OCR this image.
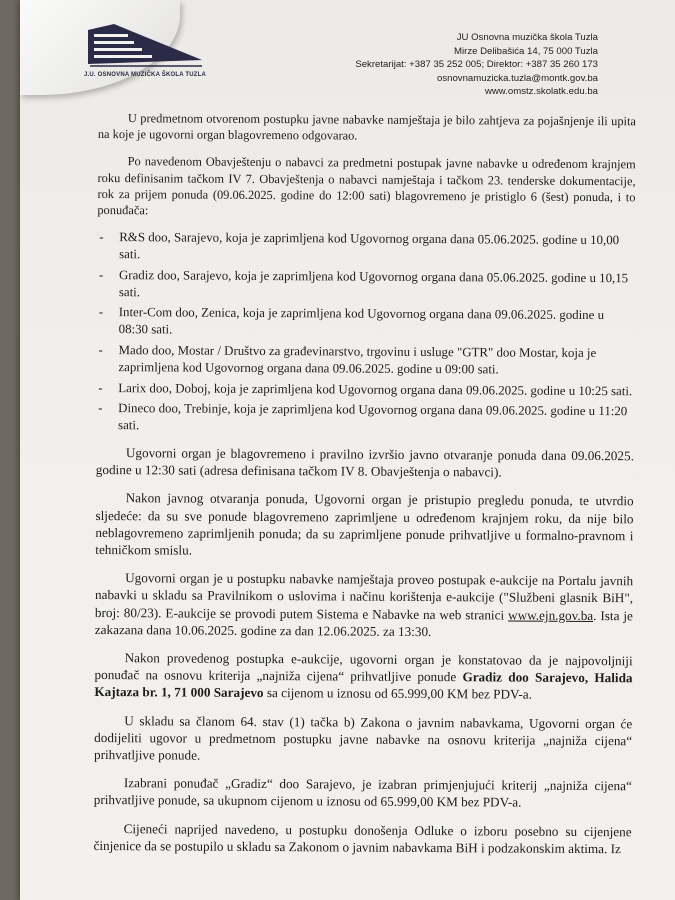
J.U. OSNOVNA MUZIČKA ŠKOLA TUZLA
JU Osnovna muzička škola Tuzla
Mirze Delibašića 14, 75 000 Tuzla
Sekretarijat: +387 35 252 005; Direktor: +387 35 260 173
osnovnamuzicka.tuzla@montk.gov.ba
www.omstz.skolatk.edu.ba

U predmetnom otvorenom postupku javne nabavke namještaja je bilo zahtjeva za pojašnjenje ili upita na koje je ugovorni organ blagovremeno odgovarao.

Po navedenom Obavještenju o nabavci za predmetni postupak javne nabavke u određenom krajnjem roku definisanim tačkom IV 7. Obavještenja o nabavci namještaja i tačkom 23. tenderske dokumentacije, rok za prijem ponuda (09.06.2025. godine do 12:00 sati) blagovremeno je pristiglo 6 (šest) ponuda, i to ponuđača:

- R&S doo, Sarajevo, koja je zaprimljena kod Ugovornog organa dana 05.06.2025. godine u 10,00 sati.
- Gradiz doo, Sarajevo, koja je zaprimljena kod Ugovornog organa dana 05.06.2025. godine u 10,15 sati.
- Inter-Com doo, Zenica, koja je zaprimljena kod Ugovornog organa dana 09.06.2025. godine u 08:30 sati.
- Mado doo, Mostar / Društvo za građevinarstvo, trgovinu i usluge "GTR" doo Mostar, koja je zaprimljena kod Ugovornog organa dana 09.06.2025. godine u 09:00 sati.
- Larix doo, Doboj, koja je zaprimljena kod Ugovornog organa dana 09.06.2025. godine u 10:25 sati.
- Dineco doo, Trebinje, koja je zaprimljena kod Ugovornog organa dana 09.06.2025. godine u 11:20 sati.

Ugovorni organ je blagovremeno i pravilno izvršio javno otvaranje ponuda dana 09.06.2025. godine u 12:30 sati (adresa definisana tačkom IV 8. Obavještenja o nabavci).

Nakon javnog otvaranja ponuda, Ugovorni organ je pristupio pregledu ponuda, te utvrdio sljedeće: da su sve ponude blagovremeno zaprimljene u određenom krajnjem roku, da nije bilo neblagovremeno zaprimljenih ponuda; da su zaprimljene ponude prihvatljive u formalno-pravnom i tehničkom smislu.

Ugovorni organ je u postupku nabavke namještaja proveo postupak e-aukcije na Portalu javnih nabavki u skladu sa Pravilnikom o uslovima i načinu korištenja e-aukcije ("Službeni glasnik BiH", broj: 80/23). E-aukcije se provodi putem Sistema e Nabavke na web stranici www.ejn.gov.ba. Ista je zakazana dana 10.06.2025. godine za dan 12.06.2025. za 13:30.

Nakon provedenog postupka e-aukcije, ugovorni organ je konstatovao da je najpovoljniji ponuđač na osnovu kriterija „najniža cijena“ prihvatljive ponude Gradiz doo Sarajevo, Halida Kajtaza br. 1, 71 000 Sarajevo sa cijenom u iznosu od 65.999,00 KM bez PDV-a.

U skladu sa članom 64. stav (1) tačka b) Zakona o javnim nabavkama, Ugovorni organ će dodijeliti ugovor u predmetnom postupku javne nabavke na osnovu kriterija „najniža cijena“ prihvatljive ponude.

Izabrani ponuđač „Gradiz“ doo Sarajevo, je izabran primjenjujući kriterij „najniža cijena“ prihvatljive ponude, sa ukupnom cijenom u iznosu od 65.999,00 KM bez PDV-a.

Cijeneći naprijed navedeno, u postupku donošenja Odluke o izboru posebno su cijenjene činjenice da se postupilo u skladu sa Zakonom o javnim nabavkama BiH i podzakonskim aktima. Iz
